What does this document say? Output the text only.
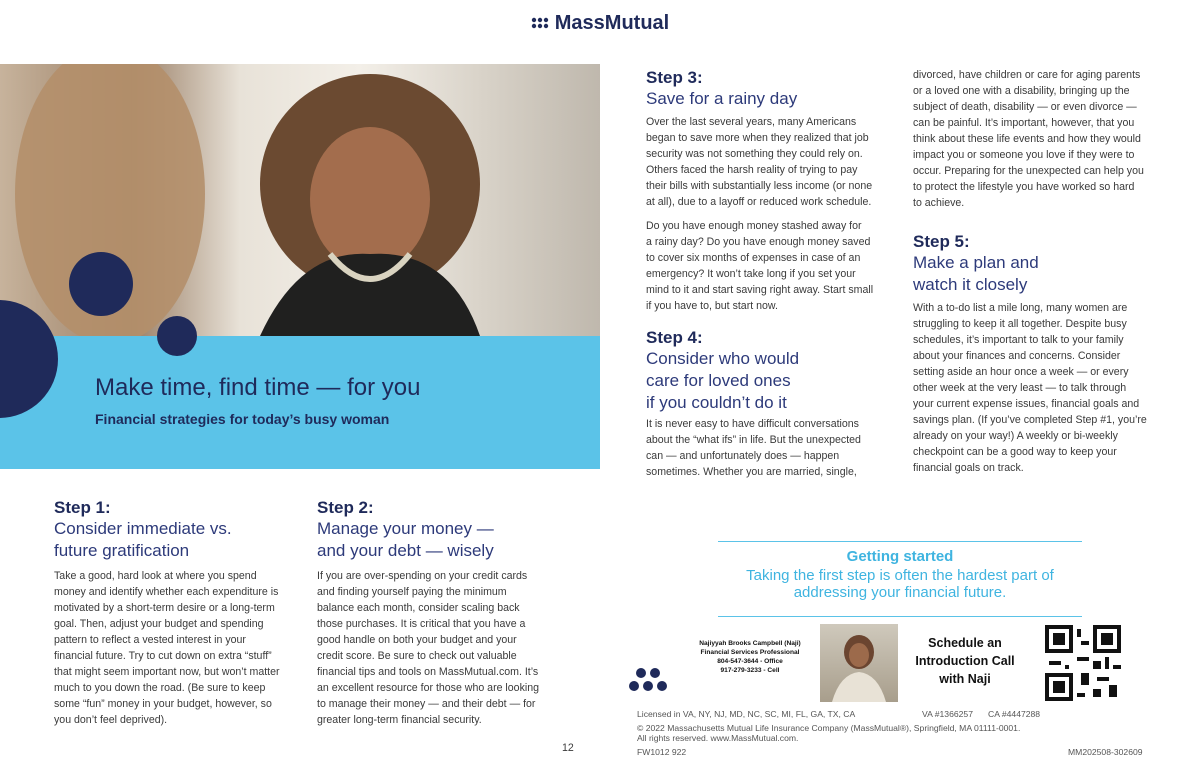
MassMutual
Make time, find time — for you
Financial strategies for today’s busy woman
Step 1:
Consider immediate vs.
future gratification
Take a good, hard look at where you spend
money and identify whether each expenditure is
motivated by a short-term desire or a long-term
goal. Then, adjust your budget and spending
pattern to reflect a vested interest in your
financial future. Try to cut down on extra “stuff”
that might seem important now, but won’t matter
much to you down the road. (Be sure to keep
some “fun” money in your budget, however, so
you don’t feel deprived).
Step 2:
Manage your money —
and your debt — wisely
If you are over-spending on your credit cards
and finding yourself paying the minimum
balance each month, consider scaling back
those purchases. It is critical that you have a
good handle on both your budget and your
credit score. Be sure to check out valuable
financial tips and tools on MassMutual.com. It’s
an excellent resource for those who are looking
to manage their money — and their debt — for
greater long-term financial security.
12
Step 3:
Save for a rainy day
Over the last several years, many Americans
began to save more when they realized that job
security was not something they could rely on.
Others faced the harsh reality of trying to pay
their bills with substantially less income (or none
at all), due to a layoff or reduced work schedule.
Do you have enough money stashed away for
a rainy day? Do you have enough money saved
to cover six months of expenses in case of an
emergency? It won’t take long if you set your
mind to it and start saving right away. Start small
if you have to, but start now.
Step 4:
Consider who would
care for loved ones
if you couldn’t do it
It is never easy to have difficult conversations
about the “what ifs” in life. But the unexpected
can — and unfortunately does — happen
sometimes. Whether you are married, single,
divorced, have children or care for aging parents
or a loved one with a disability, bringing up the
subject of death, disability — or even divorce —
can be painful. It’s important, however, that you
think about these life events and how they would
impact you or someone you love if they were to
occur. Preparing for the unexpected can help you
to protect the lifestyle you have worked so hard
to achieve.
Step 5:
Make a plan and
watch it closely
With a to-do list a mile long, many women are
struggling to keep it all together. Despite busy
schedules, it’s important to talk to your family
about your finances and concerns. Consider
setting aside an hour once a week — or every
other week at the very least — to talk through
your current expense issues, financial goals and
savings plan. (If you’ve completed Step #1, you’re
already on your way!) A weekly or bi-weekly
checkpoint can be a good way to keep your
financial goals on track.
Getting started
Taking the first step is often the hardest part of
addressing your financial future.
Najiyyah Brooks Campbell (Naji)
Financial Services Professional
804-547-3644 - Office
917-279-3233 - Cell
Schedule an
Introduction Call
with Naji
Licensed in VA, NY, NJ, MD, NC, SC, MI, FL, GA, TX, CA	VA #1366257 CA #4447288
© 2022 Massachusetts Mutual Life Insurance Company (MassMutual®), Springfield, MA 01111-0001.
All rights reserved. www.MassMutual.com.
FW1012 922	MM202508-302609
